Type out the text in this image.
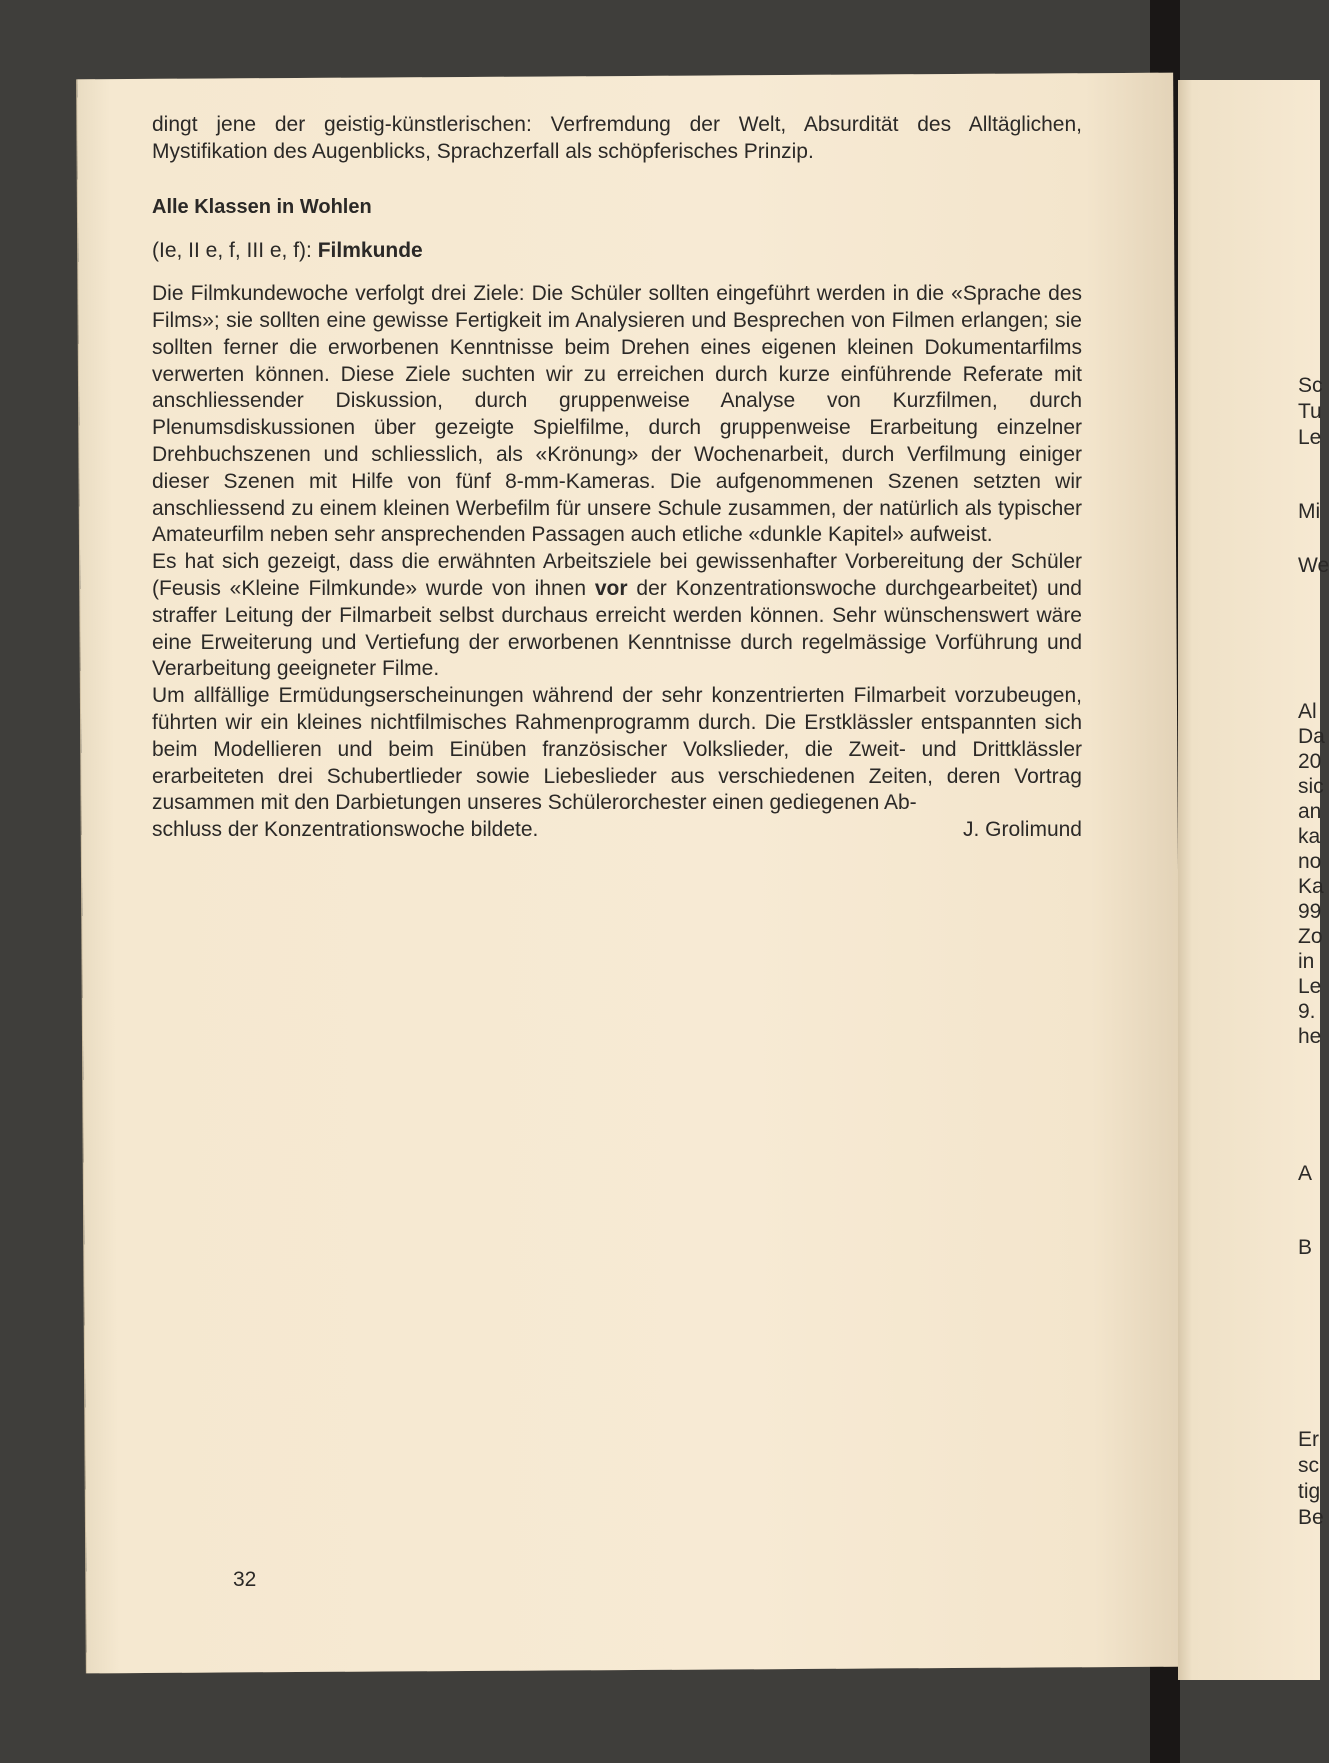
dingt jene der geistig-künstlerischen: Verfremdung der Welt, Absurdität des Alltäglichen, Mystifikation des Augenblicks, Sprachzerfall als schöpferisches Prinzip.

Alle Klassen in Wohlen
(Ie, II e, f, III e, f): Filmkunde

Die Filmkundewoche verfolgt drei Ziele: Die Schüler sollten eingeführt werden in die «Sprache des Films»; sie sollten eine gewisse Fertigkeit im Analysieren und Besprechen von Filmen erlangen; sie sollten ferner die erworbenen Kenntnisse beim Drehen eines eigenen kleinen Dokumentarfilms verwerten können. Diese Ziele suchten wir zu erreichen durch kurze einführende Referate mit anschliessender Diskussion, durch gruppenweise Analyse von Kurzfilmen, durch Plenumsdiskussionen über gezeigte Spielfilme, durch gruppenweise Erarbeitung einzelner Drehbuchszenen und schliesslich, als «Krönung» der Wochenarbeit, durch Verfilmung einiger dieser Szenen mit Hilfe von fünf 8-mm-Kameras. Die aufgenommenen Szenen setzten wir anschliessend zu einem kleinen Werbefilm für unsere Schule zusammen, der natürlich als typischer Amateurfilm neben sehr ansprechenden Passagen auch etliche «dunkle Kapitel» aufweist.

Es hat sich gezeigt, dass die erwähnten Arbeitsziele bei gewissenhafter Vorbereitung der Schüler (Feusis «Kleine Filmkunde» wurde von ihnen vor der Konzentrationswoche durchgearbeitet) und straffer Leitung der Filmarbeit selbst durchaus erreicht werden können. Sehr wünschenswert wäre eine Erweiterung und Vertiefung der erworbenen Kenntnisse durch regelmässige Vorführung und Verarbeitung geeigneter Filme.

Um allfällige Ermüdungserscheinungen während der sehr konzentrierten Filmarbeit vorzubeugen, führten wir ein kleines nichtfilmisches Rahmenprogramm durch. Die Erstklässler entspannten sich beim Modellieren und beim Einüben französischer Volkslieder, die Zweit- und Drittklässler erarbeiteten drei Schubertlieder sowie Liebeslieder aus verschiedenen Zeiten, deren Vortrag zusammen mit den Darbietungen unseres Schülerorchester einen gediegenen Ab-

schluss der Konzentrationswoche bildete.	J. Grolimund
32
Sc
Tu
Le
Mi
We
Al
Da
20
sic
an
ka
no
Ka
99
Zo
in
Le
9.
he
A
B
Er
sc
tig
Be
